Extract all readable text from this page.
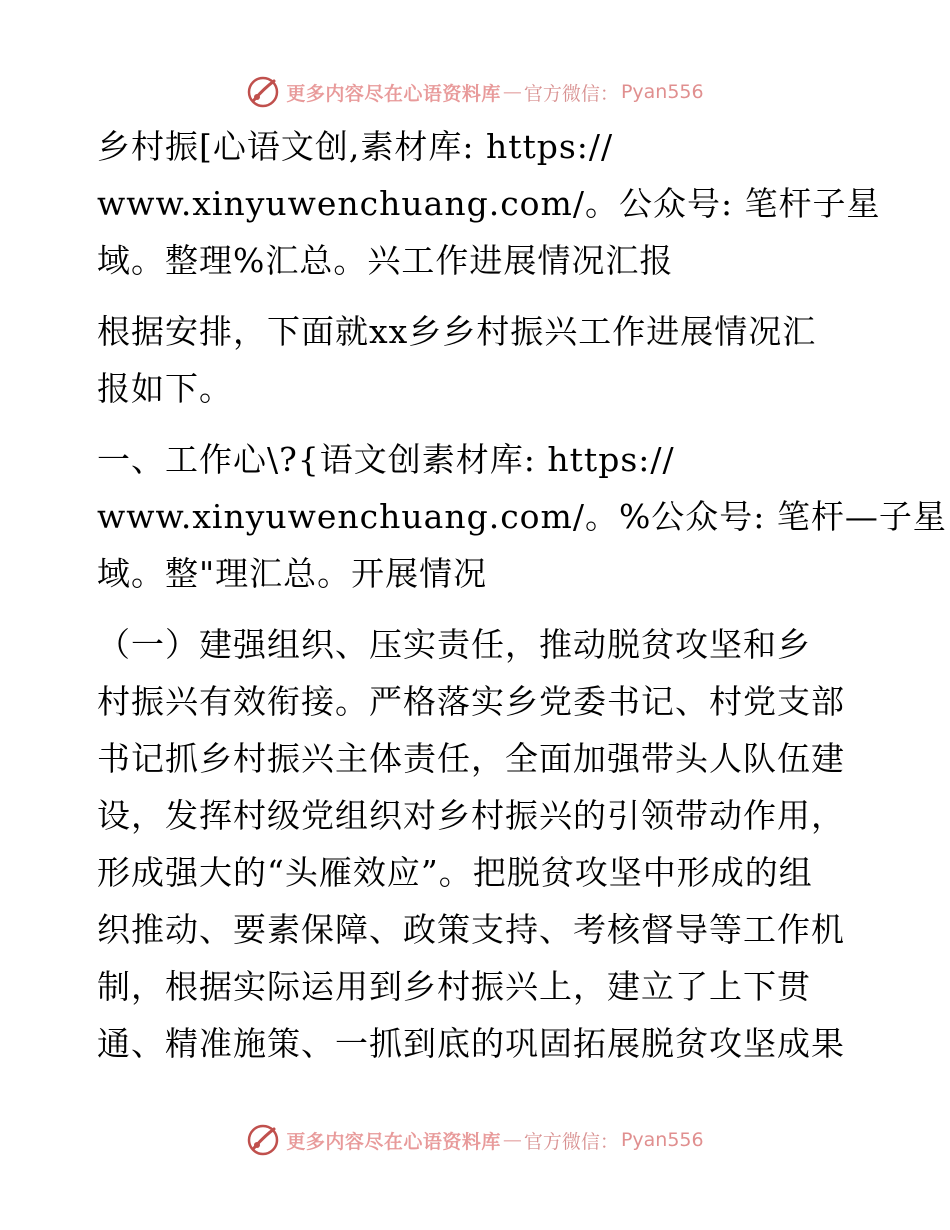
更多内容尽在心语资料库 — 官方微信： Pyan556
乡村振[心语文创,素材库: https://
www.xinyuwenchuang.com/。公众号: 笔杆子星
域。整理%汇总。兴工作进展情况汇报
根据安排，下面就xx乡乡村振兴工作进展情况汇
报如下。
一、工作心\?{语文创素材库: https://
www.xinyuwenchuang.com/。%公众号: 笔杆—子星
域。整"理汇总。开展情况
（一）建强组织、压实责任，推动脱贫攻坚和乡
村振兴有效衔接。严格落实乡党委书记、村党支部
书记抓乡村振兴主体责任，全面加强带头人队伍建
设，发挥村级党组织对乡村振兴的引领带动作用，
形成强大的“头雁效应”。把脱贫攻坚中形成的组
织推动、要素保障、政策支持、考核督导等工作机
制，根据实际运用到乡村振兴上，建立了上下贯
通、精准施策、一抓到底的巩固拓展脱贫攻坚成果
更多内容尽在心语资料库 — 官方微信： Pyan556
